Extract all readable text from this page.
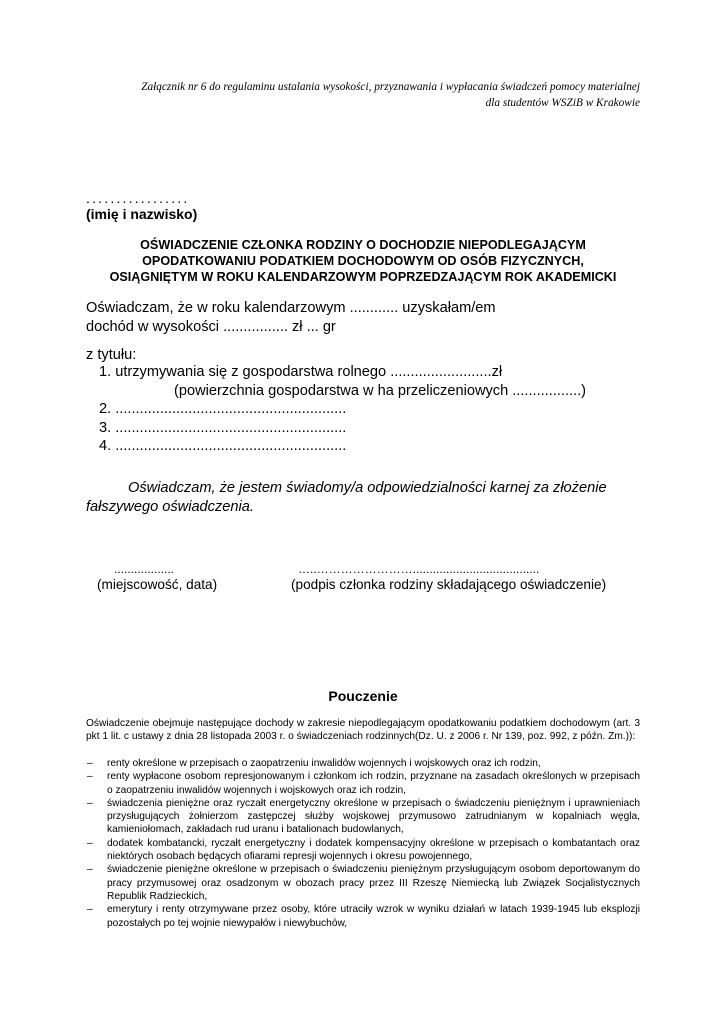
Załącznik nr 6 do regulaminu ustalania wysokości, przyznawania i wypłacania świadczeń pomocy materialnej
dla studentów WSZiB w Krakowie
.................
(imię i nazwisko)
OŚWIADCZENIE CZŁONKA RODZINY O DOCHODZIE NIEPODLEGAJĄCYM
OPODATKOWANIU PODATKIEM DOCHODOWYM OD OSÓB FIZYCZNYCH,
OSIĄGNIĘTYM W ROKU KALENDARZOWYM POPRZEDZAJĄCYM ROK AKADEMICKI
Oświadczam, że w roku kalendarzowym ............ uzyskałam/em
dochód w wysokości ................ zł ... gr
z tytułu:
1. utrzymywania się z gospodarstwa rolnego .........................zł
(powierzchnia gospodarstwa w ha przeliczeniowych .................)
2. .........................................................
3. .........................................................
4. .........................................................
Oświadczam, że jestem świadomy/a odpowiedzialności karnej za złożenie
fałszywego oświadczenia.
..................	…..……………………......................................
(miejscowość, data)	(podpis członka rodziny składającego oświadczenie)
Pouczenie
Oświadczenie obejmuje następujące dochody w zakresie niepodlegającym opodatkowaniu podatkiem dochodowym (art. 3 pkt 1 lit. c ustawy z dnia 28 listopada 2003 r. o świadczeniach rodzinnych(Dz. U. z 2006 r. Nr 139, poz. 992, z późn. Zm.)):
– renty określone w przepisach o zaopatrzeniu inwalidów wojennych i wojskowych oraz ich rodzin,
– renty wypłacone osobom represjonowanym i członkom ich rodzin, przyznane na zasadach określonych w przepisach o zaopatrzeniu inwalidów wojennych i wojskowych oraz ich rodzin,
– świadczenia pieniężne oraz ryczałt energetyczny określone w przepisach o świadczeniu pieniężnym i uprawnieniach przysługujących żołnierzom zastępczej służby wojskowej przymusowo zatrudnianym w kopalniach węgla, kamieniołomach, zakładach rud uranu i batalionach budowlanych,
– dodatek kombatancki, ryczałt energetyczny i dodatek kompensacyjny określone w przepisach o kombatantach oraz niektórych osobach będących ofiarami represji wojennych i okresu powojennego,
– świadczenie pieniężne określone w przepisach o świadczeniu pieniężnym przysługującym osobom deportowanym do pracy przymusowej oraz osadzonym w obozach pracy przez III Rzeszę Niemiecką lub Związek Socjalistycznych Republik Radzieckich,
– emerytury i renty otrzymywane przez osoby, które utraciły wzrok w wyniku działań w latach 1939-1945 lub eksplozji pozostałych po tej wojnie niewypałów i niewybuchów,
